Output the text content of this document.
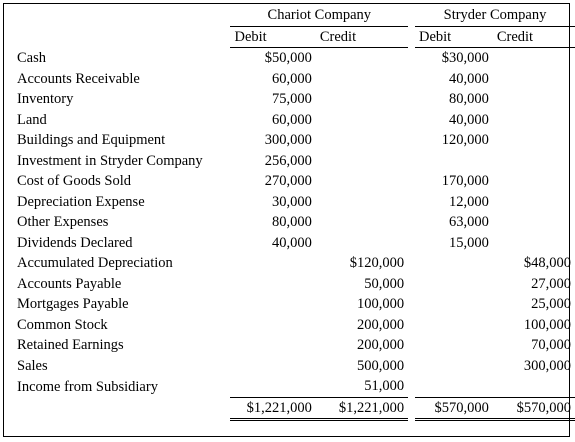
	Chariot Company			Stryder Company	
	Debit	Credit		Debit	Credit
Cash	$50,000			$30,000	
Accounts Receivable	60,000			40,000	
Inventory	75,000			80,000	
Land	60,000			40,000	
Buildings and Equipment	300,000			120,000	
Investment in Stryder Company	256,000				
Cost of Goods Sold	270,000			170,000	
Depreciation Expense	30,000			12,000	
Other Expenses	80,000			63,000	
Dividends Declared	40,000			15,000	
Accumulated Depreciation		$120,000			$48,000
Accounts Payable		50,000			27,000
Mortgages Payable		100,000			25,000
Common Stock		200,000			100,000
Retained Earnings		200,000			70,000
Sales		500,000			300,000
Income from Subsidiary		51,000			
	$1,221,000	$1,221,000		$570,000	$570,000
